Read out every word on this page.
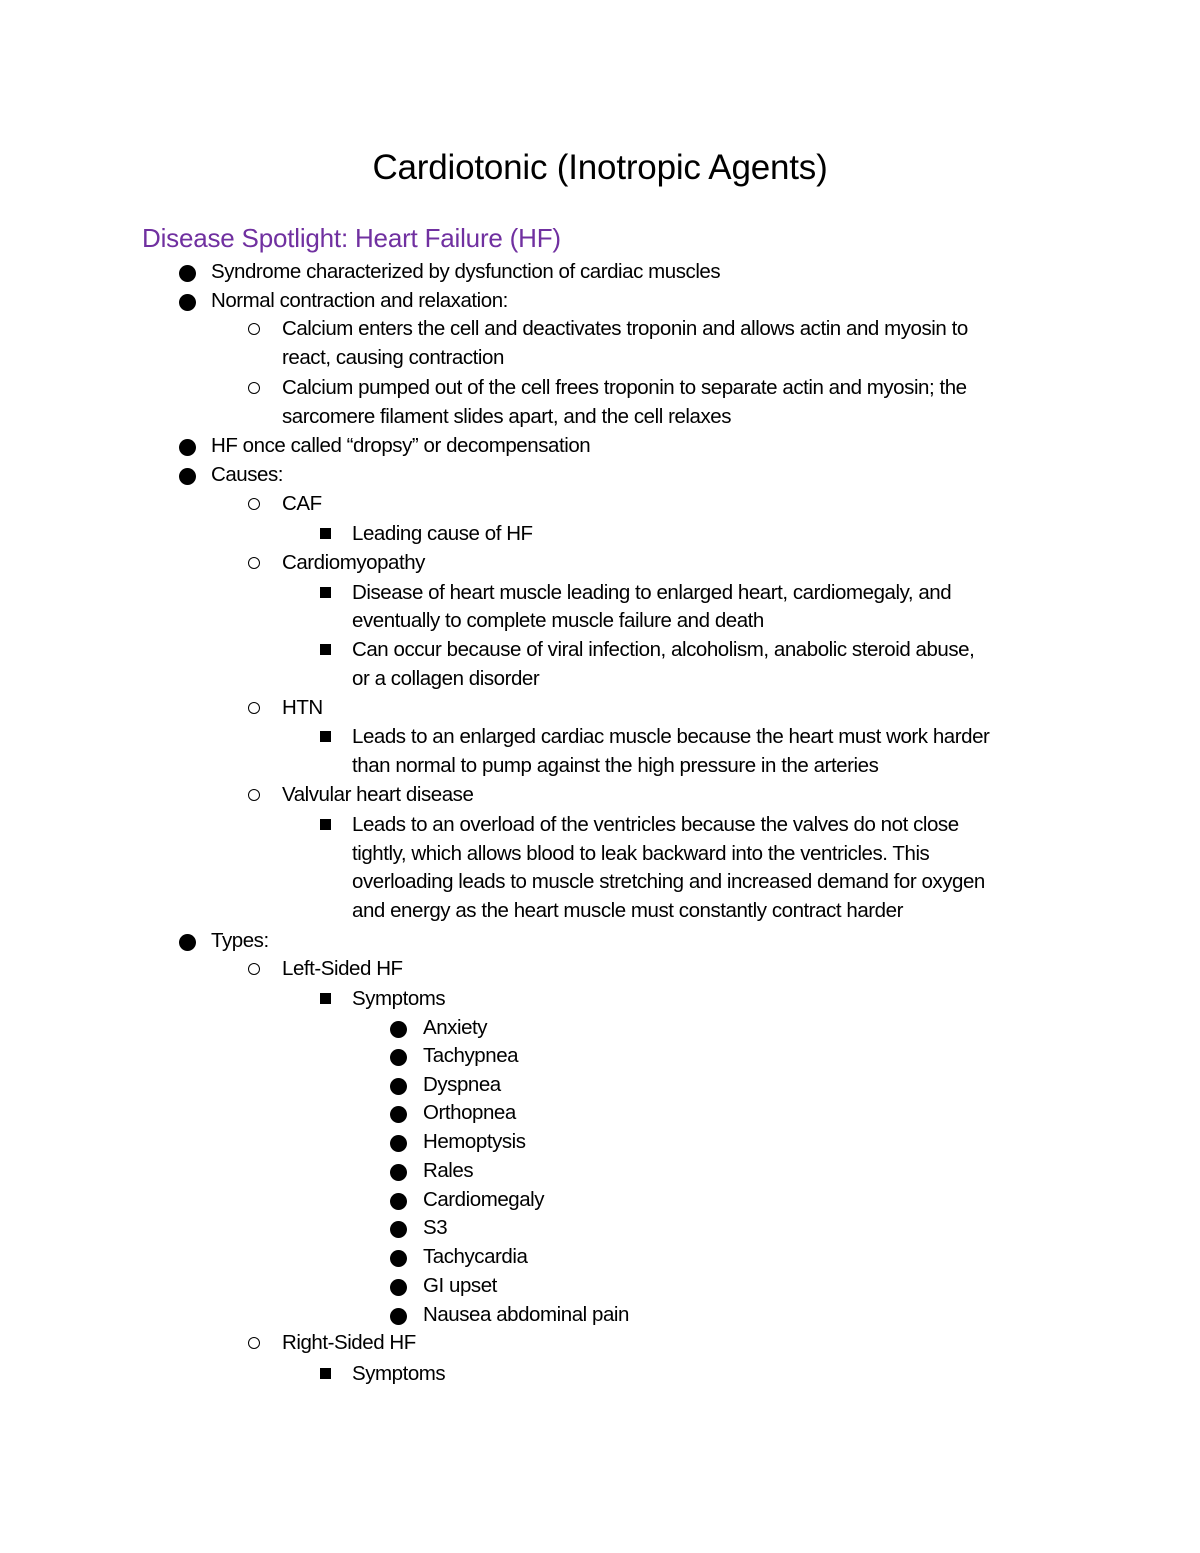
Cardiotonic (Inotropic Agents)
Disease Spotlight: Heart Failure (HF)
Syndrome characterized by dysfunction of cardiac muscles
Normal contraction and relaxation:
Calcium enters the cell and deactivates troponin and allows actin and myosin to
react, causing contraction
Calcium pumped out of the cell frees troponin to separate actin and myosin; the
sarcomere filament slides apart, and the cell relaxes
HF once called “dropsy” or decompensation
Causes:
CAF
Leading cause of HF
Cardiomyopathy
Disease of heart muscle leading to enlarged heart, cardiomegaly, and
eventually to complete muscle failure and death
Can occur because of viral infection, alcoholism, anabolic steroid abuse,
or a collagen disorder
HTN
Leads to an enlarged cardiac muscle because the heart must work harder
than normal to pump against the high pressure in the arteries
Valvular heart disease
Leads to an overload of the ventricles because the valves do not close
tightly, which allows blood to leak backward into the ventricles. This
overloading leads to muscle stretching and increased demand for oxygen
and energy as the heart muscle must constantly contract harder
Types:
Left-Sided HF
Symptoms
Anxiety
Tachypnea
Dyspnea
Orthopnea
Hemoptysis
Rales
Cardiomegaly
S3
Tachycardia
GI upset
Nausea abdominal pain
Right-Sided HF
Symptoms
